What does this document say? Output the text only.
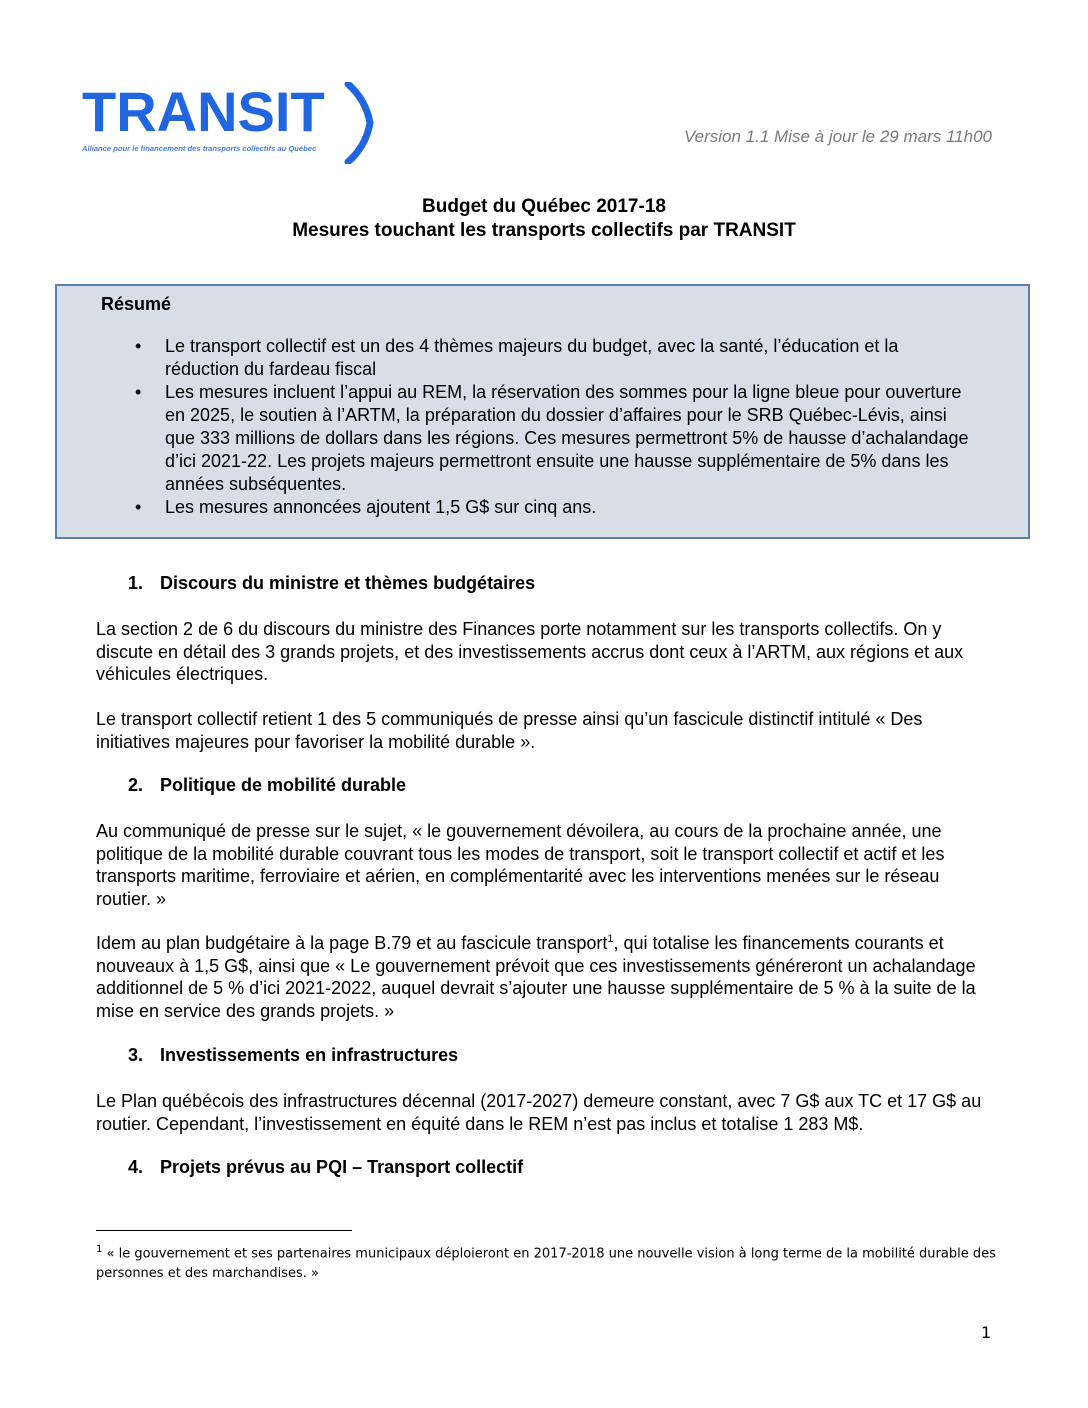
TRANSIT
Alliance pour le financement des transports collectifs au Québec
Version 1.1 Mise à jour le 29 mars 11h00
Budget du Québec 2017-18
Mesures touchant les transports collectifs par TRANSIT
Résumé
• Le transport collectif est un des 4 thèmes majeurs du budget, avec la santé, l’éducation et la réduction du fardeau fiscal
• Les mesures incluent l’appui au REM, la réservation des sommes pour la ligne bleue pour ouverture en 2025, le soutien à l’ARTM, la préparation du dossier d’affaires pour le SRB Québec-Lévis, ainsi que 333 millions de dollars dans les régions. Ces mesures permettront 5% de hausse d’achalandage d’ici 2021-22. Les projets majeurs permettront ensuite une hausse supplémentaire de 5% dans les années subséquentes.
• Les mesures annoncées ajoutent 1,5 G$ sur cinq ans.
1. Discours du ministre et thèmes budgétaires
La section 2 de 6 du discours du ministre des Finances porte notamment sur les transports collectifs. On y discute en détail des 3 grands projets, et des investissements accrus dont ceux à l’ARTM, aux régions et aux véhicules électriques.
Le transport collectif retient 1 des 5 communiqués de presse ainsi qu’un fascicule distinctif intitulé « Des initiatives majeures pour favoriser la mobilité durable ».
2. Politique de mobilité durable
Au communiqué de presse sur le sujet, « le gouvernement dévoilera, au cours de la prochaine année, une politique de la mobilité durable couvrant tous les modes de transport, soit le transport collectif et actif et les transports maritime, ferroviaire et aérien, en complémentarité avec les interventions menées sur le réseau routier. »
Idem au plan budgétaire à la page B.79 et au fascicule transport$^1$, qui totalise les financements courants et nouveaux à 1,5 G$, ainsi que « Le gouvernement prévoit que ces investissements généreront un achalandage additionnel de 5 % d’ici 2021-2022, auquel devrait s’ajouter une hausse supplémentaire de 5 % à la suite de la mise en service des grands projets. »
3. Investissements en infrastructures
Le Plan québécois des infrastructures décennal (2017-2027) demeure constant, avec 7 G$ aux TC et 17 G$ au routier. Cependant, l’investissement en équité dans le REM n’est pas inclus et totalise 1 283 M$.
4. Projets prévus au PQI – Transport collectif
$^1$ « le gouvernement et ses partenaires municipaux déploieront en 2017-2018 une nouvelle vision à long terme de la mobilité durable des personnes et des marchandises. »
1
